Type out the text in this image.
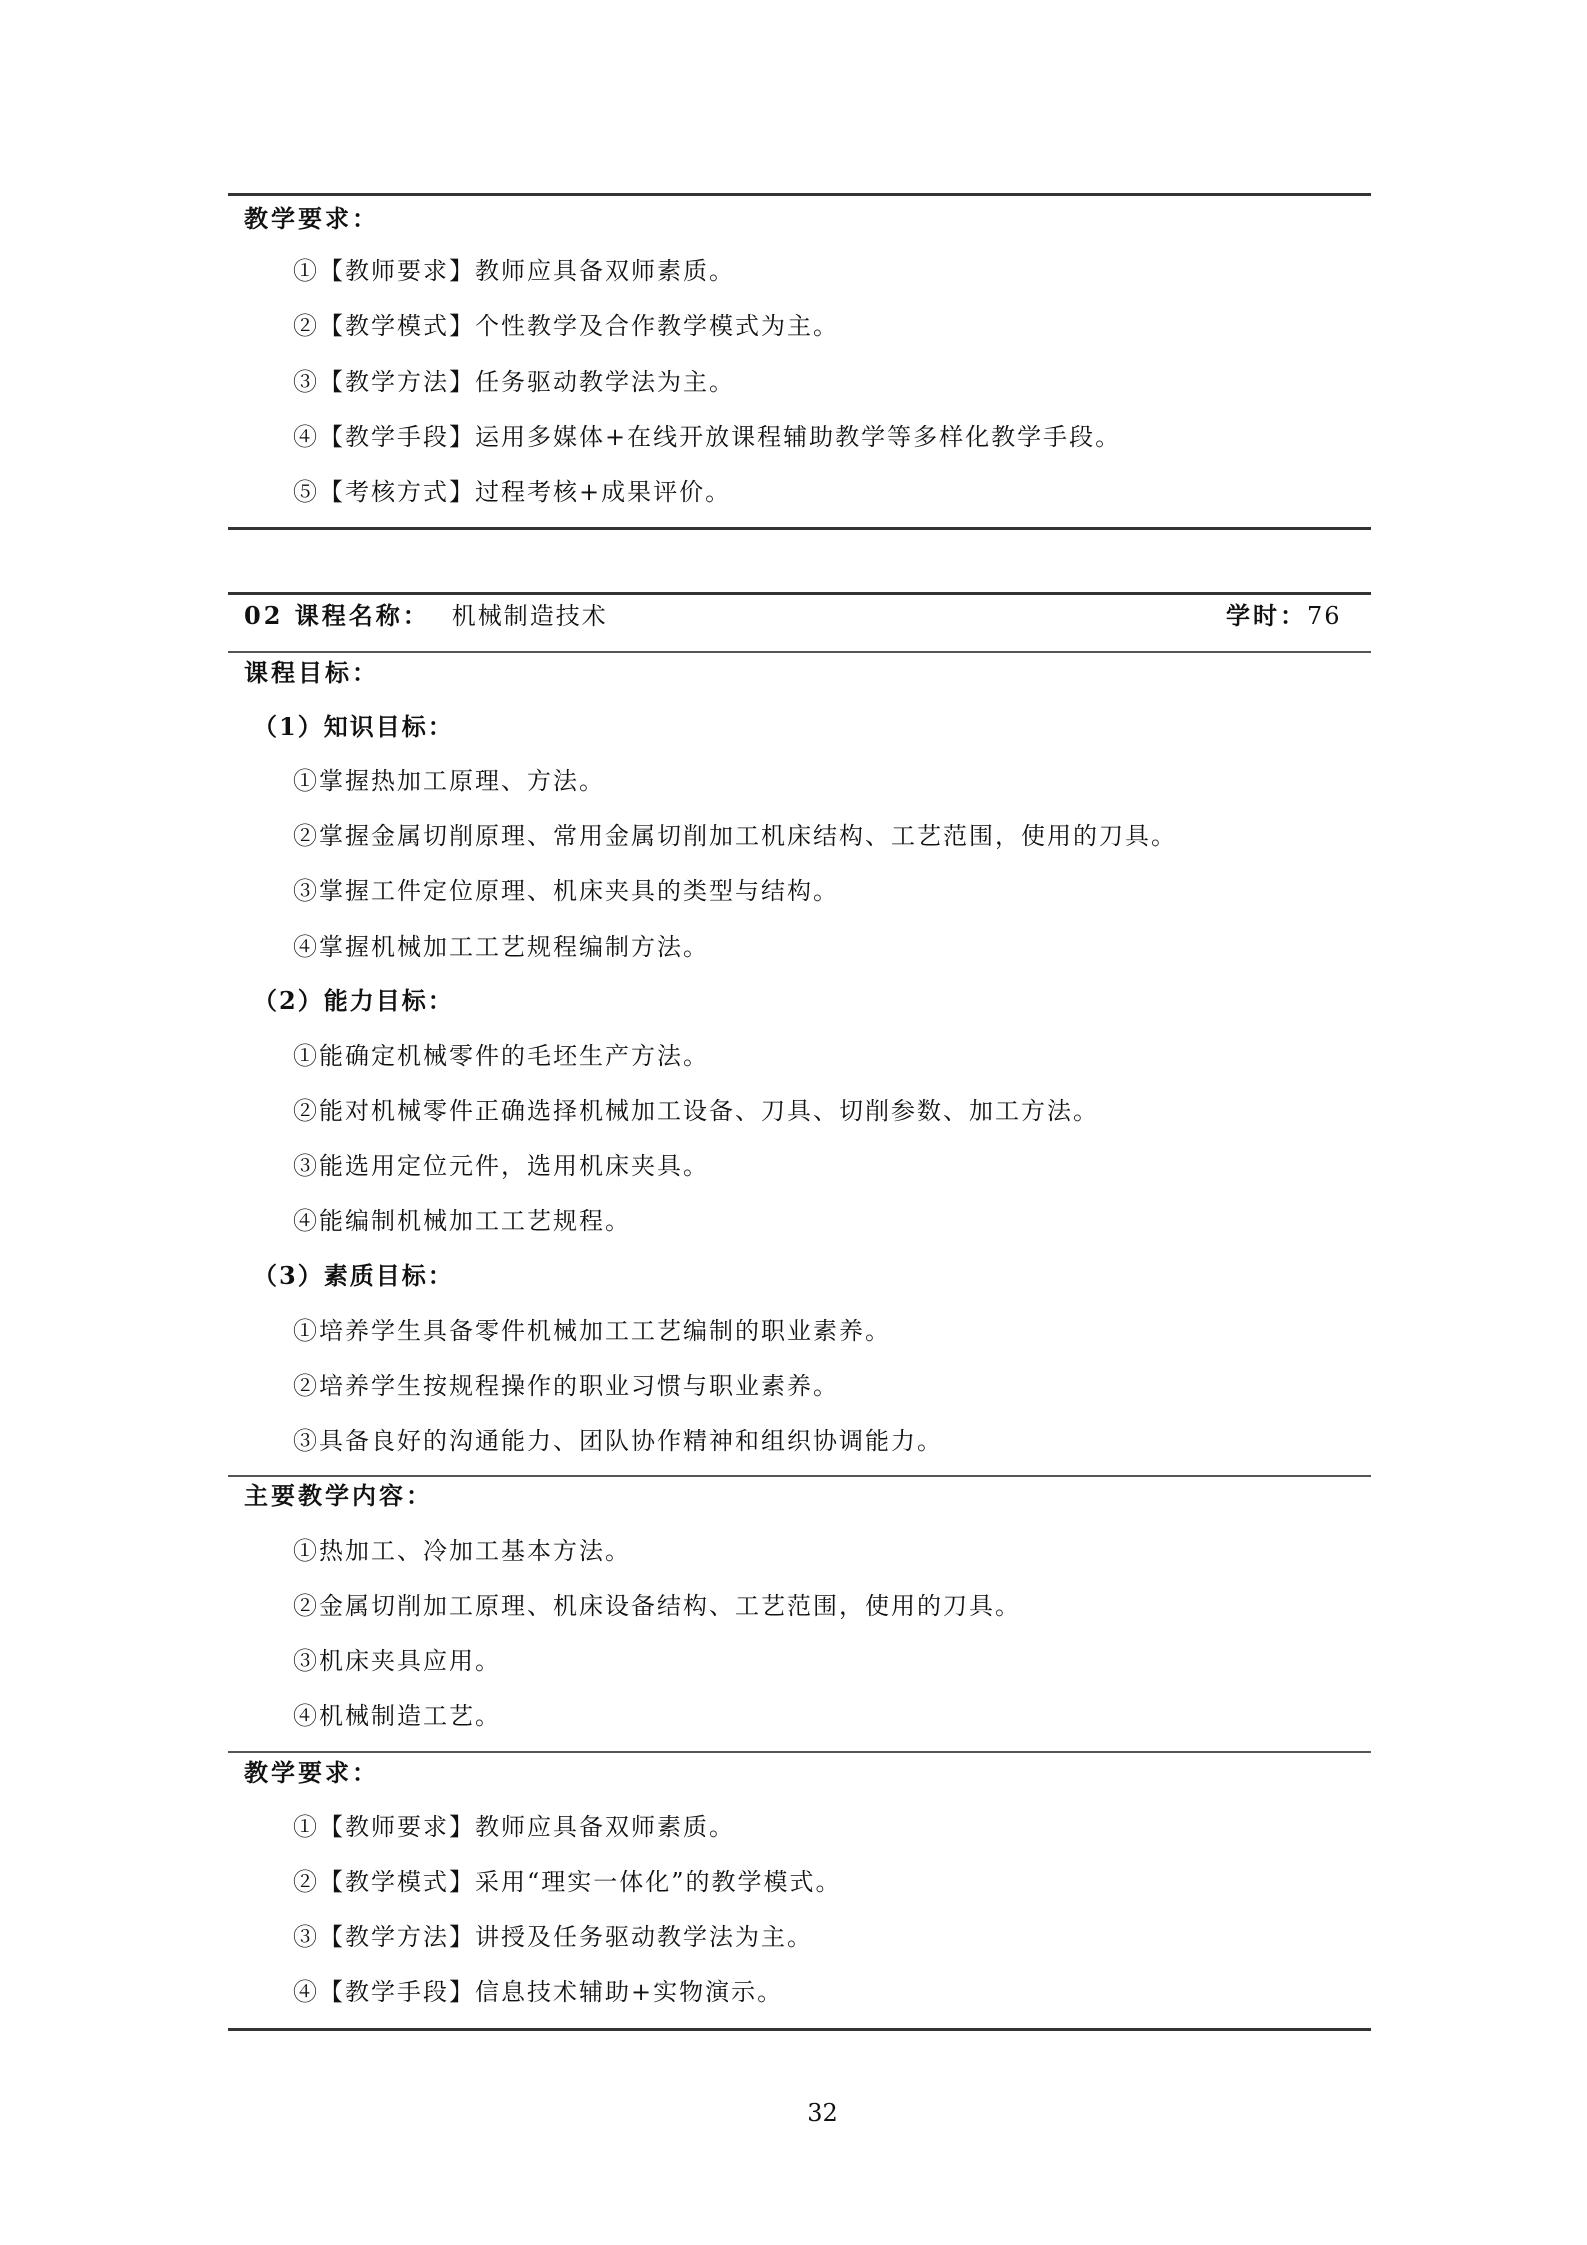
教学要求：
①【教师要求】教师应具备双师素质。
②【教学模式】个性教学及合作教学模式为主。
③【教学方法】任务驱动教学法为主。
④【教学手段】运用多媒体+在线开放课程辅助教学等多样化教学手段。
⑤【考核方式】过程考核+成果评价。
02 课程名称： 机械制造技术	学时：76
课程目标：
（1）知识目标：
①掌握热加工原理、方法。
②掌握金属切削原理、常用金属切削加工机床结构、工艺范围，使用的刀具。
③掌握工件定位原理、机床夹具的类型与结构。
④掌握机械加工工艺规程编制方法。
（2）能力目标：
①能确定机械零件的毛坯生产方法。
②能对机械零件正确选择机械加工设备、刀具、切削参数、加工方法。
③能选用定位元件，选用机床夹具。
④能编制机械加工工艺规程。
（3）素质目标：
①培养学生具备零件机械加工工艺编制的职业素养。
②培养学生按规程操作的职业习惯与职业素养。
③具备良好的沟通能力、团队协作精神和组织协调能力。
主要教学内容：
①热加工、冷加工基本方法。
②金属切削加工原理、机床设备结构、工艺范围，使用的刀具。
③机床夹具应用。
④机械制造工艺。
教学要求：
①【教师要求】教师应具备双师素质。
②【教学模式】采用“理实一体化”的教学模式。
③【教学方法】讲授及任务驱动教学法为主。
④【教学手段】信息技术辅助+实物演示。
32
